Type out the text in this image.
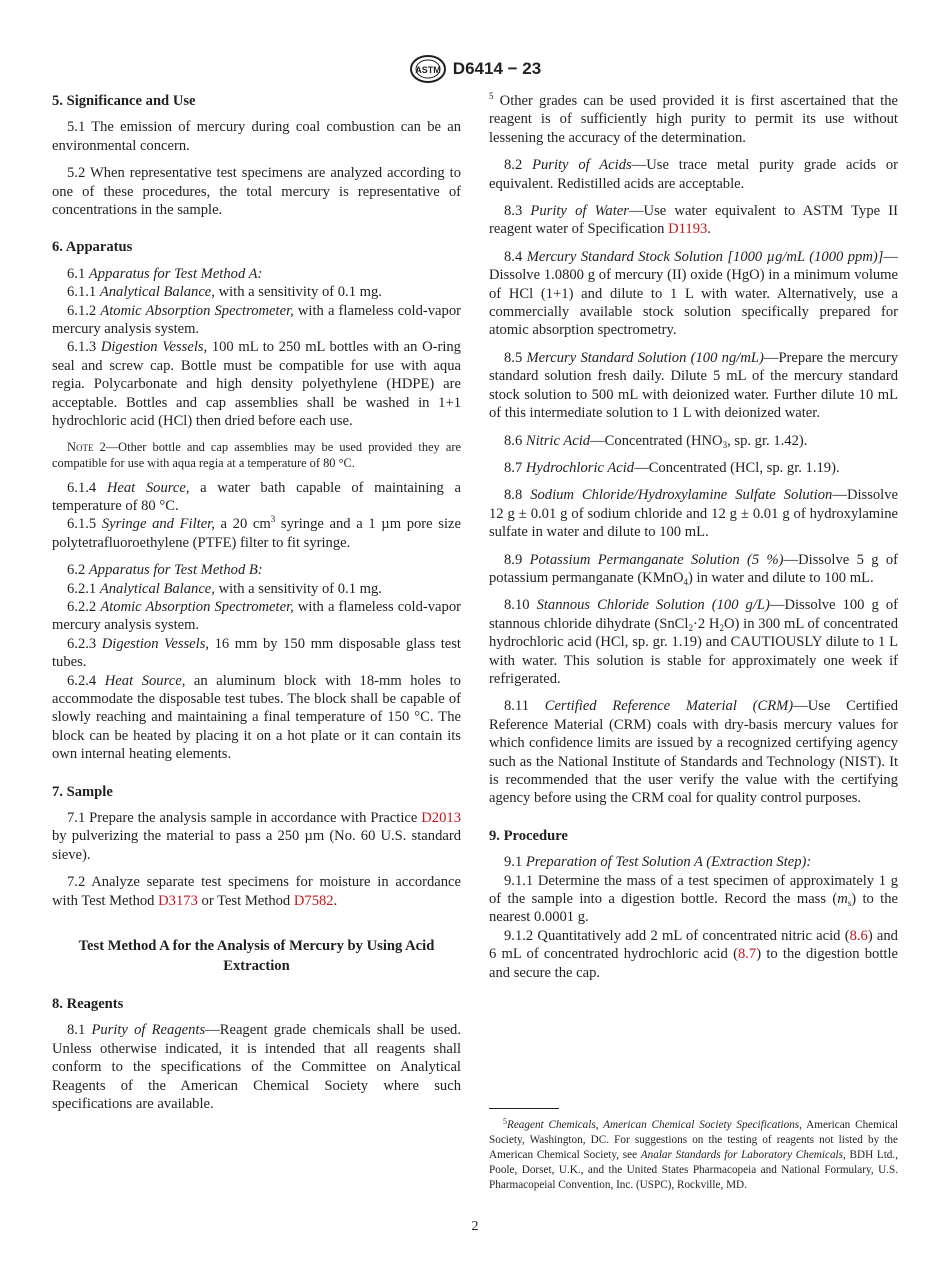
ASTM D6414 − 23
5. Significance and Use

5.1 The emission of mercury during coal combustion can be an environmental concern.

5.2 When representative test specimens are analyzed according to one of these procedures, the total mercury is representative of concentrations in the sample.

6. Apparatus

6.1 Apparatus for Test Method A:

6.1.1 Analytical Balance, with a sensitivity of 0.1 mg.

6.1.2 Atomic Absorption Spectrometer, with a flameless cold-vapor mercury analysis system.

6.1.3 Digestion Vessels, 100 mL to 250 mL bottles with an O-ring seal and screw cap. Bottle must be compatible for use with aqua regia. Polycarbonate and high density polyethylene (HDPE) are acceptable. Bottles and cap assemblies shall be washed in 1+1 hydrochloric acid (HCl) then dried before each use.

Note 2—Other bottle and cap assemblies may be used provided they are compatible for use with aqua regia at a temperature of 80 °C.

6.1.4 Heat Source, a water bath capable of maintaining a temperature of 80 °C.

6.1.5 Syringe and Filter, a 20 $cm^3$ syringe and a 1 µm pore size polytetrafluoroethylene (PTFE) filter to fit syringe.

6.2 Apparatus for Test Method B:

6.2.1 Analytical Balance, with a sensitivity of 0.1 mg.

6.2.2 Atomic Absorption Spectrometer, with a flameless cold-vapor mercury analysis system.

6.2.3 Digestion Vessels, 16 mm by 150 mm disposable glass test tubes.

6.2.4 Heat Source, an aluminum block with 18-mm holes to accommodate the disposable test tubes. The block shall be capable of slowly reaching and maintaining a final temperature of 150 °C. The block can be heated by placing it on a hot plate or it can contain its own internal heating elements.

7. Sample

7.1 Prepare the analysis sample in accordance with Practice D2013 by pulverizing the material to pass a 250 µm (No. 60 U.S. standard sieve).

7.2 Analyze separate test specimens for moisture in accordance with Test Method D3173 or Test Method D7582.

Test Method A for the Analysis of Mercury by Using Acid Extraction
8. Reagents

8.1 Purity of Reagents—Reagent grade chemicals shall be used. Unless otherwise indicated, it is intended that all reagents shall conform to the specifications of the Committee on Analytical Reagents of the American Chemical Society where such specifications are available.

$^5$ Other grades can be used provided it is first ascertained that the reagent is of sufficiently high purity to permit its use without lessening the accuracy of the determination.

8.2 Purity of Acids—Use trace metal purity grade acids or equivalent. Redistilled acids are acceptable.

8.3 Purity of Water—Use water equivalent to ASTM Type II reagent water of Specification D1193.

8.4 Mercury Standard Stock Solution [1000 µg/mL (1000 ppm)]—Dissolve 1.0800 g of mercury (II) oxide (HgO) in a minimum volume of HCl (1+1) and dilute to 1 L with water. Alternatively, use a commercially available stock solution specifically prepared for atomic absorption spectrometry.

8.5 Mercury Standard Solution (100 ng/mL)—Prepare the mercury standard solution fresh daily. Dilute 5 mL of the mercury standard stock solution to 500 mL with deionized water. Further dilute 10 mL of this intermediate solution to 1 L with deionized water.

8.6 Nitric Acid—Concentrated ($HNO_3$, sp. gr. 1.42).

8.7 Hydrochloric Acid—Concentrated (HCl, sp. gr. 1.19).

8.8 Sodium Chloride/Hydroxylamine Sulfate Solution—Dissolve 12 g ± 0.01 g of sodium chloride and 12 g ± 0.01 g of hydroxylamine sulfate in water and dilute to 100 mL.

8.9 Potassium Permanganate Solution (5 %)—Dissolve 5 g of potassium permanganate (KMnO$_4$) in water and dilute to 100 mL.

8.10 Stannous Chloride Solution (100 g/L)—Dissolve 100 g of stannous chloride dihydrate (SnCl$_2$·2 $H_2O$) in 300 mL of concentrated hydrochloric acid (HCl, sp. gr. 1.19) and CAUTIOUSLY dilute to 1 L with water. This solution is stable for approximately one week if refrigerated.

8.11 Certified Reference Material (CRM)—Use Certified Reference Material (CRM) coals with dry-basis mercury values for which confidence limits are issued by a recognized certifying agency such as the National Institute of Standards and Technology (NIST). It is recommended that the user verify the value with the certifying agency before using the CRM coal for quality control purposes.

9. Procedure

9.1 Preparation of Test Solution A (Extraction Step):

9.1.1 Determine the mass of a test specimen of approximately 1 g of the sample into a digestion bottle. Record the mass $(m_s)$ to the nearest 0.0001 g.

9.1.2 Quantitatively add 2 mL of concentrated nitric acid (8.6) and 6 mL of concentrated hydrochloric acid (8.7) to the digestion bottle and secure the cap.

$^5$Reagent Chemicals, American Chemical Society Specifications, American Chemical Society, Washington, DC. For suggestions on the testing of reagents not listed by the American Chemical Society, see Analar Standards for Laboratory Chemicals, BDH Ltd., Poole, Dorset, U.K., and the United States Pharmacopeia and National Formulary, U.S. Pharmacopeial Convention, Inc. (USPC), Rockville, MD.
2
